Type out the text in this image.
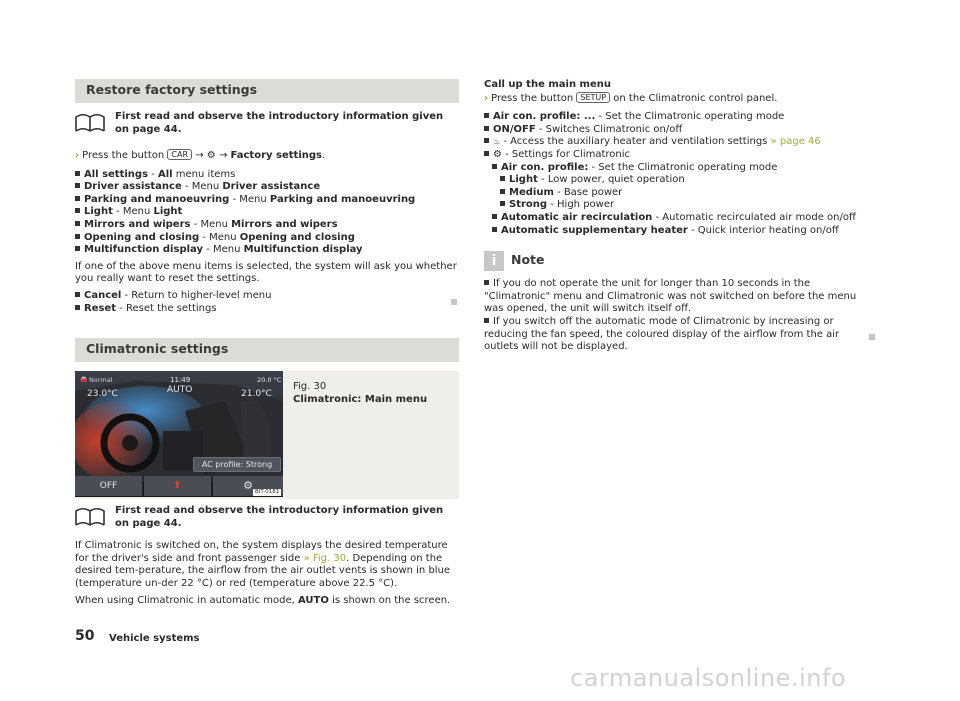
Restore factory settings
First read and observe the introductory information given on page 44.
› Press the button CAR → ⚙ → Factory settings.
All settings - All menu items
Driver assistance - Menu Driver assistance
Parking and manoeuvring - Menu Parking and manoeuvring
Light - Menu Light
Mirrors and wipers - Menu Mirrors and wipers
Opening and closing - Menu Opening and closing
Multifunction display - Menu Multifunction display
If one of the above menu items is selected, the system will ask you whether you really want to reset the settings.
Cancel - Return to higher-level menu
Reset - Reset the settings
Climatronic settings
🚘 Normal	11:49	20.0 °C
23.0°C	AUTO	21.0°C
AC profile: Strong
OFF	⬆	⚙ BIT-0181
Fig. 30
Climatronic: Main menu
First read and observe the introductory information given on page 44.
If Climatronic is switched on, the system displays the desired temperature for the driver's side and front passenger side » Fig. 30. Depending on the desired tem-perature, the airflow from the air outlet vents is shown in blue (temperature un-der 22 °C) or red (temperature above 22.5 °C).
When using Climatronic in automatic mode, AUTO is shown on the screen.
Call up the main menu
› Press the button SETUP on the Climatronic control panel.
Air con. profile: ... - Set the Climatronic operating mode
ON/OFF - Switches Climatronic on/off
♨ - Access the auxiliary heater and ventilation settings » page 46
⚙ - Settings for Climatronic
Air con. profile: - Set the Climatronic operating mode
Light - Low power, quiet operation
Medium - Base power
Strong - High power
Automatic air recirculation - Automatic recirculated air mode on/off
Automatic supplementary heater - Quick interior heating on/off
i	Note
If you do not operate the unit for longer than 10 seconds in the "Climatronic" menu and Climatronic was not switched on before the menu was opened, the unit will switch itself off.
If you switch off the automatic mode of Climatronic by increasing or reducing the fan speed, the coloured display of the airflow from the air outlets will not be displayed.
50 Vehicle systems
carmanualsonline.info
